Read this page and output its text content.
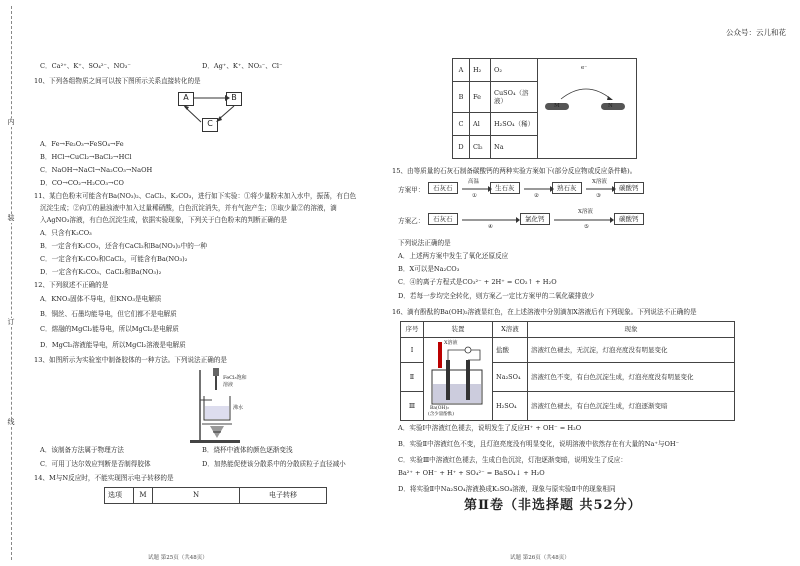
内
装
订
线
公众号：云儿和花
C．Ca²⁺、K⁺、SO₄²⁻、NO₃⁻	D．Ag⁺、K⁺、NO₃⁻、Cl⁻
10、下列各组物质之间可以按下图所示关系直接转化的是
A	B
C
A．Fe→Fe₂O₃→FeSO₄→Fe
B．HCl→CuCl₂→BaCl₂→HCl
C．NaOH→NaCl→Na₂CO₃→NaOH
D．CO→CO₂→H₂CO₃→CO
11、某白色粉末可能含有Ba(NO₃)₂、CaCl₂、K₂CO₃，进行如下实验：①将少量粉末加入水中，振荡，有白色
沉淀生成；②向①的悬浊液中加入过量稀硝酸，白色沉淀消失，并有气泡产生；③取少量②的溶液，滴
入AgNO₃溶液，有白色沉淀生成，依据实验现象，下列关于白色粉末的判断正确的是
A．只含有K₂CO₃
B．一定含有K₂CO₃，还含有CaCl₂和Ba(NO₃)₂中的一种
C．一定含有K₂CO₃和CaCl₂，可能含有Ba(NO₃)₂
D．一定含有K₂CO₃、CaCl₂和Ba(NO₃)₂
12、下列叙述不正确的是
A．KNO₃固体不导电，但KNO₃是电解质
B．铜丝、石墨均能导电，但它们都不是电解质
C．熔融的MgCl₂能导电，所以MgCl₂是电解质
D．MgCl₂溶液能导电，所以MgCl₂溶液是电解质
13、如图所示为实验室中制备胶体的一种方法。下列说法正确的是
FeCl₃饱和
溶液
沸水
A．该制备方法属于物理方法	B．烧杯中液体的颜色逐渐变浅
C．可用丁达尔效应判断是否制得胶体	D．加热能促使该分散系中的分散质粒子直径减小
14、M与N反应时，不能实现图示电子转移的是
选项	M	N	电子转移
试题 第25页（共48页）
A	H₂	O₂	e⁻
M N

B	Fe	CuSO₄（溶液）	
C	Al	H₂SO₄（稀）	
D	Cl₂	Na	
15、由等质量的石灰石制备碳酸钙的两种实验方案如下(部分反应物或反应条件略)。
方案甲：	石灰石	生石灰	熟石灰	碳酸钙
高温	X溶液
①	②	③
方案乙：	石灰石	氯化钙	碳酸钙
X溶液
④	⑤
下列说法正确的是
A．上述两方案中发生了氧化还原反应
B．X可以是Na₂CO₃
C．④的离子方程式是CO₃²⁻ + 2H⁺ = CO₂↑ + H₂O
D．若每一步均完全转化，则方案乙一定比方案甲的二氧化碳排放少
16、滴有酚酞的Ba(OH)₂溶液显红色，在上述溶液中分别滴加X溶液后有下列现象。下列说法不正确的是
序号	装置	X溶液	现象
Ⅰ	X溶液
Ba(OH)₂
(含少量酚酞)	盐酸	溶液红色褪去，无沉淀，灯泡亮度没有明显变化
Ⅱ		Na₂SO₄	溶液红色不变，有白色沉淀生成，灯泡亮度没有明显变化
Ⅲ		H₂SO₄	溶液红色褪去，有白色沉淀生成，灯泡逐渐变暗
A．实验Ⅰ中溶液红色褪去，说明发生了反应H⁺ + OH⁻ = H₂O
B．实验Ⅱ中溶液红色不变，且灯泡亮度没有明显变化，说明溶液中依然存在有大量的Na⁺与OH⁻
C．实验Ⅲ中溶液红色褪去，生成白色沉淀，灯泡逐渐变暗，说明发生了反应：
Ba²⁺ + OH⁻ + H⁺ + SO₄²⁻ = BaSO₄↓ + H₂O
D．将实验Ⅱ中Na₂SO₄溶液换成K₂SO₄溶液，现象与原实验Ⅱ中的现象相同
第Ⅱ卷（非选择题 共52分）
试题 第26页（共48页）
